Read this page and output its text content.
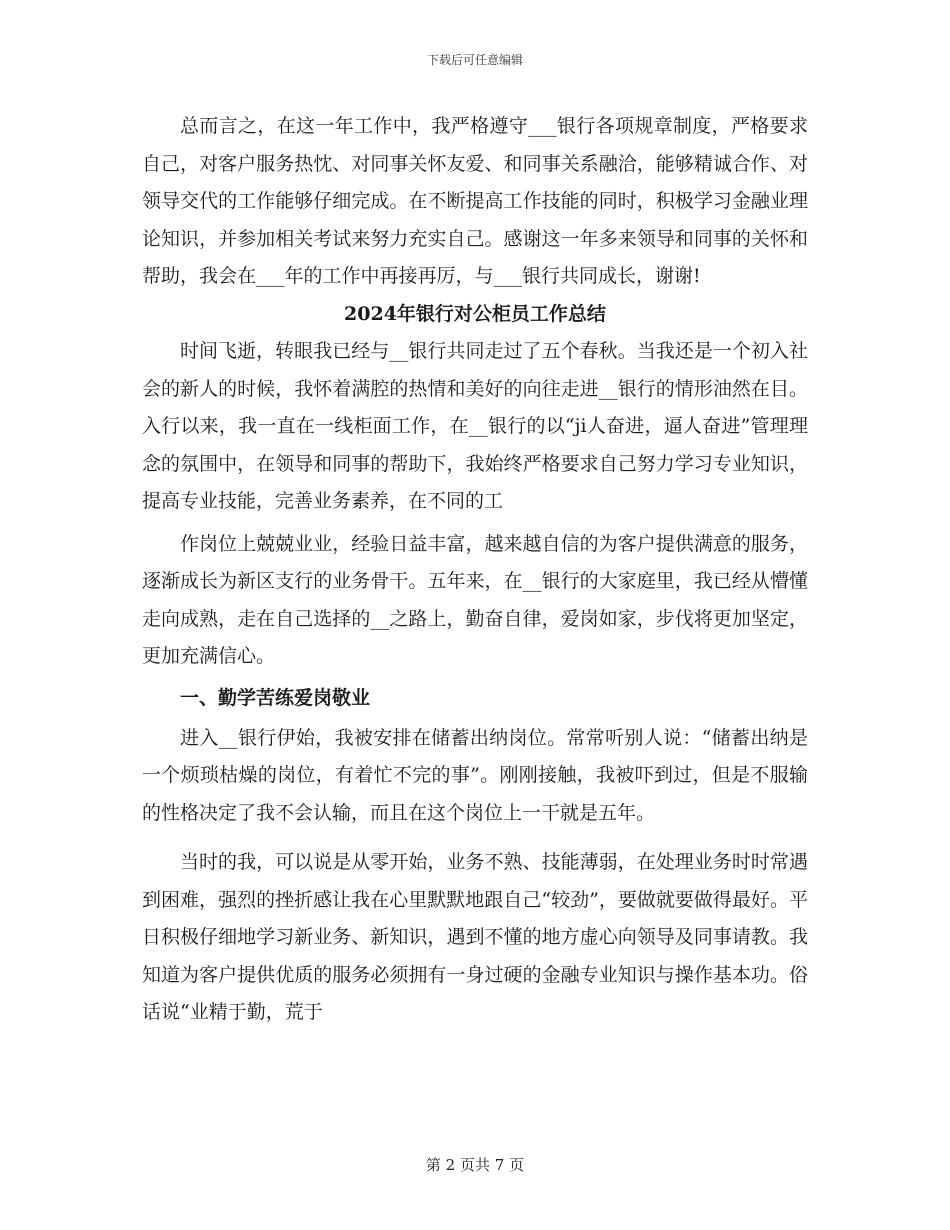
下载后可任意编辑

总而言之，在这一年工作中，我严格遵守___银行各项规章制度，严格要求自己，对客户服务热忱、对同事关怀友爱、和同事关系融洽，能够精诚合作、对领导交代的工作能够仔细完成。在不断提高工作技能的同时，积极学习金融业理论知识，并参加相关考试来努力充实自己。感谢这一年多来领导和同事的关怀和帮助，我会在___年的工作中再接再厉，与___银行共同成长，谢谢!

2024年银行对公柜员工作总结

时间飞逝，转眼我已经与__银行共同走过了五个春秋。当我还是一个初入社会的新人的时候，我怀着满腔的热情和美好的向往走进__银行的情形油然在目。入行以来，我一直在一线柜面工作，在__银行的以“ji人奋进，逼人奋进”管理理念的氛围中，在领导和同事的帮助下，我始终严格要求自己努力学习专业知识，提高专业技能，完善业务素养，在不同的工

作岗位上兢兢业业，经验日益丰富，越来越自信的为客户提供满意的服务，逐渐成长为新区支行的业务骨干。五年来，在__银行的大家庭里，我已经从懵懂走向成熟，走在自己选择的__之路上，勤奋自律，爱岗如家，步伐将更加坚定，更加充满信心。

一、勤学苦练爱岗敬业

进入__银行伊始，我被安排在储蓄出纳岗位。常常听别人说：“储蓄出纳是一个烦琐枯燥的岗位，有着忙不完的事”。刚刚接触，我被吓到过，但是不服输的性格决定了我不会认输，而且在这个岗位上一干就是五年。

当时的我，可以说是从零开始，业务不熟、技能薄弱，在处理业务时时常遇到困难，强烈的挫折感让我在心里默默地跟自己“较劲”，要做就要做得最好。平日积极仔细地学习新业务、新知识，遇到不懂的地方虚心向领导及同事请教。我知道为客户提供优质的服务必须拥有一身过硬的金融专业知识与操作基本功。俗话说“业精于勤，荒于

第 2 页共 7 页
